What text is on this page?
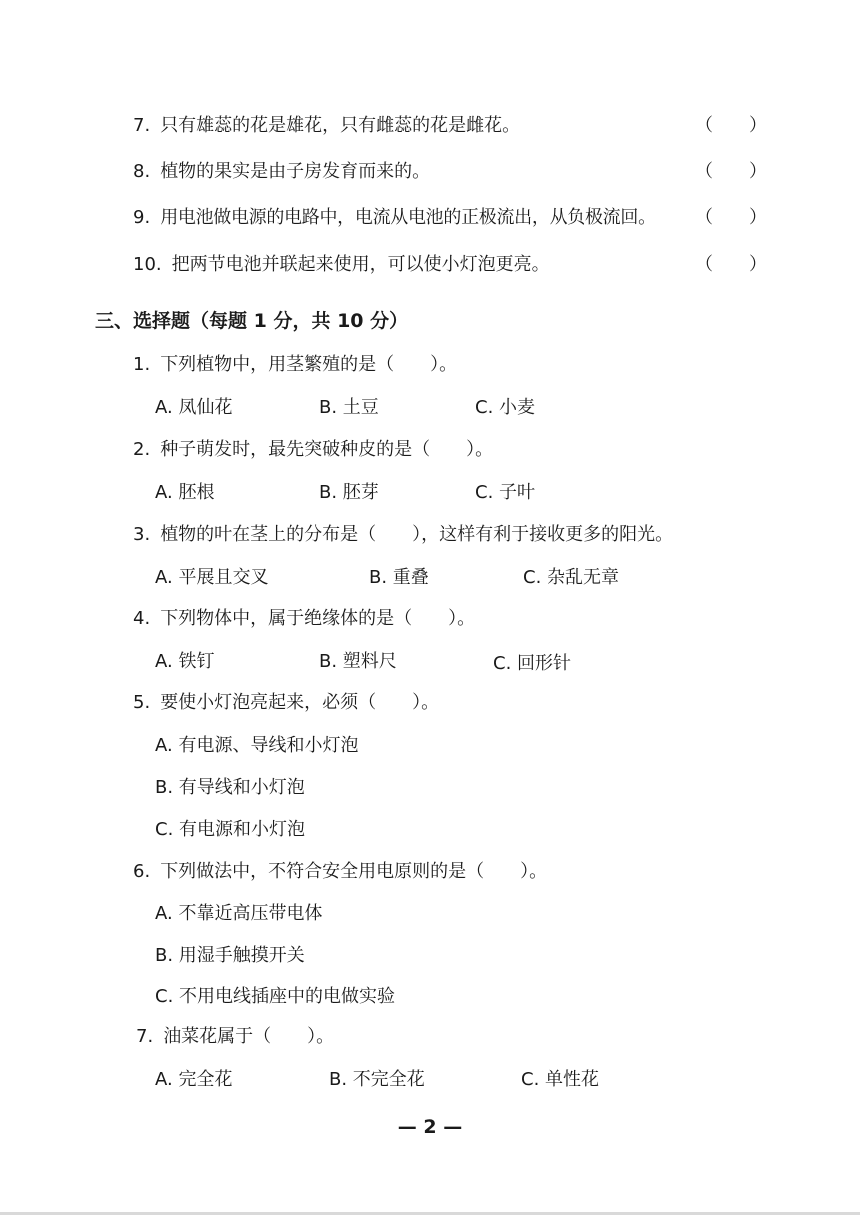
7. 只有雄蕊的花是雄花，只有雌蕊的花是雌花。	（　　）
8. 植物的果实是由子房发育而来的。	（　　）
9. 用电池做电源的电路中，电流从电池的正极流出，从负极流回。 （　　）
10. 把两节电池并联起来使用，可以使小灯泡更亮。	（　　）
三、选择题（每题 1 分，共 10 分）
1. 下列植物中，用茎繁殖的是（　　）。
A. 凤仙花	B. 土豆	C. 小麦
2. 种子萌发时，最先突破种皮的是（　　）。
A. 胚根	B. 胚芽	C. 子叶
3. 植物的叶在茎上的分布是（　　），这样有利于接收更多的阳光。
A. 平展且交叉	B. 重叠	C. 杂乱无章
4. 下列物体中，属于绝缘体的是（　　）。
A. 铁钉	B. 塑料尺	C. 回形针
5. 要使小灯泡亮起来，必须（　　）。
A. 有电源、导线和小灯泡
B. 有导线和小灯泡
C. 有电源和小灯泡
6. 下列做法中，不符合安全用电原则的是（　　）。
A. 不靠近高压带电体
B. 用湿手触摸开关
C. 不用电线插座中的电做实验
7. 油菜花属于（　　）。
A. 完全花	B. 不完全花	C. 单性花
— 2 —
